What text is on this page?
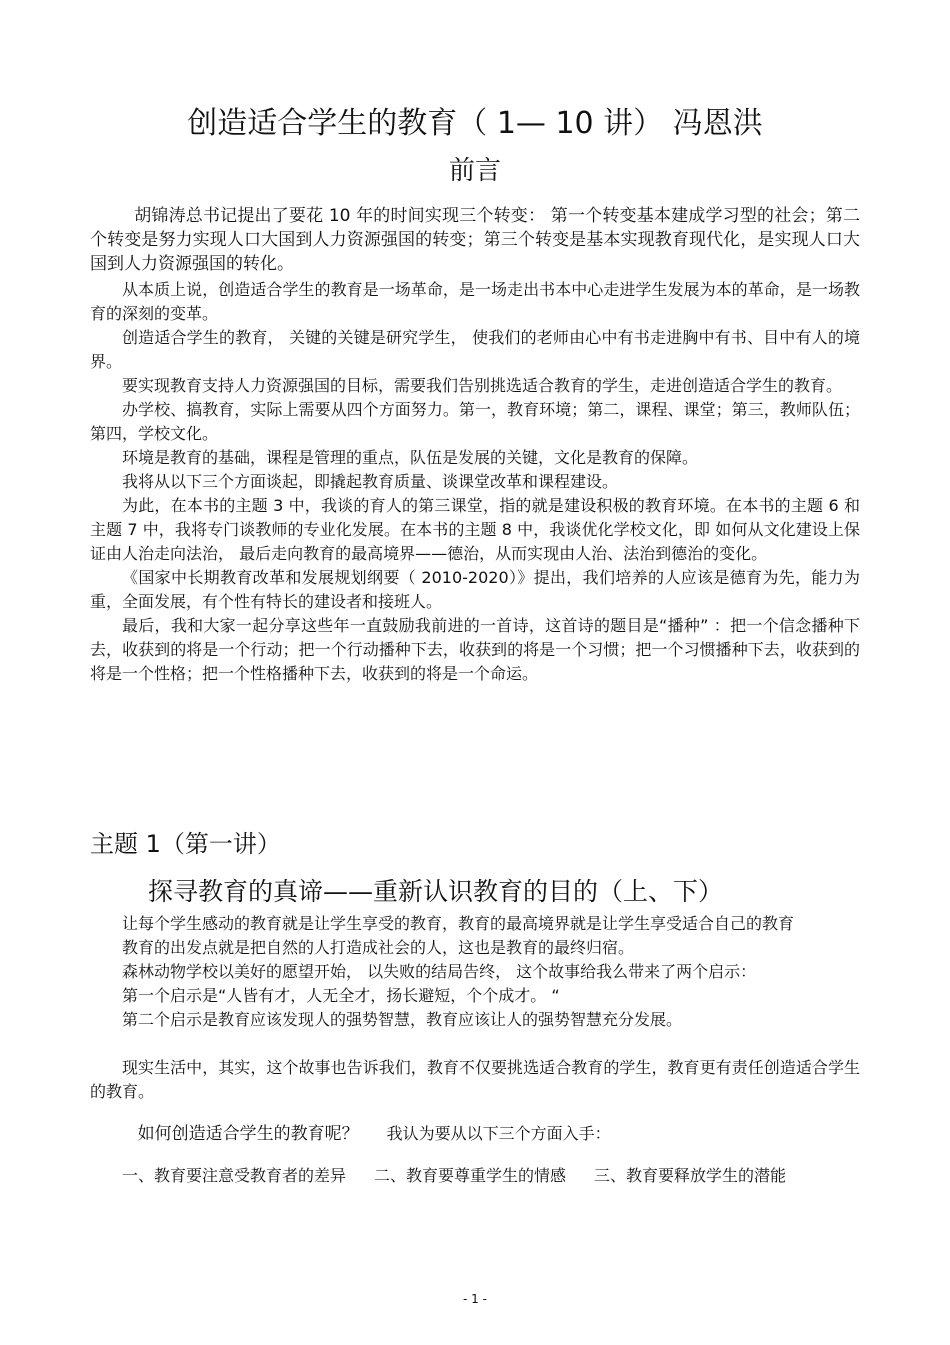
创造适合学生的教育（ 1— 10 讲） 冯恩洪
前言

胡锦涛总书记提出了要花 10 年的时间实现三个转变： 第一个转变基本建成学习型的社会；第二个转变是努力实现人口大国到人力资源强国的转变；第三个转变是基本实现教育现代化，是实现人口大国到人力资源强国的转化。

从本质上说，创造适合学生的教育是一场革命，是一场走出书本中心走进学生发展为本的革命，是一场教育的深刻的变革。

创造适合学生的教育， 关键的关键是研究学生， 使我们的老师由心中有书走进胸中有书、目中有人的境界。

要实现教育支持人力资源强国的目标，需要我们告别挑选适合教育的学生，走进创造适合学生的教育。

办学校、搞教育，实际上需要从四个方面努力。第一，教育环境；第二，课程、课堂；第三，教师队伍；第四，学校文化。

环境是教育的基础，课程是管理的重点，队伍是发展的关键，文化是教育的保障。

我将从以下三个方面谈起，即撬起教育质量、谈课堂改革和课程建设。

为此，在本书的主题 3 中，我谈的育人的第三课堂，指的就是建设积极的教育环境。在本书的主题 6 和主题 7 中，我将专门谈教师的专业化发展。在本书的主题 8 中，我谈优化学校文化，即 如何从文化建设上保证由人治走向法治， 最后走向教育的最高境界——德治，从而实现由人治、法治到德治的变化。

《国家中长期教育改革和发展规划纲要（ 2010-2020）》提出，我们培养的人应该是德育为先，能力为重，全面发展，有个性有特长的建设者和接班人。

最后，我和大家一起分享这些年一直鼓励我前进的一首诗，这首诗的题目是“播种” ：把一个信念播种下去，收获到的将是一个行动；把一个行动播种下去，收获到的将是一个习惯；把一个习惯播种下去，收获到的将是一个性格；把一个性格播种下去，收获到的将是一个命运。

主题 1（第一讲）
探寻教育的真谛——重新认识教育的目的（上、下）

让每个学生感动的教育就是让学生享受的教育，教育的最高境界就是让学生享受适合自己的教育

教育的出发点就是把自然的人打造成社会的人，这也是教育的最终归宿。

森林动物学校以美好的愿望开始， 以失败的结局告终， 这个故事给我么带来了两个启示：

第一个启示是“人皆有才，人无全才，扬长避短，个个成才。 “

第二个启示是教育应该发现人的强势智慧，教育应该让人的强势智慧充分发展。

现实生活中，其实，这个故事也告诉我们，教育不仅要挑选适合教育的学生，教育更有责任创造适合学生的教育。

如何创造适合学生的教育呢？ 我认为要从以下三个方面入手：

一、教育要注意受教育者的差异 二、教育要尊重学生的情感 三、教育要释放学生的潜能

- 1 -
